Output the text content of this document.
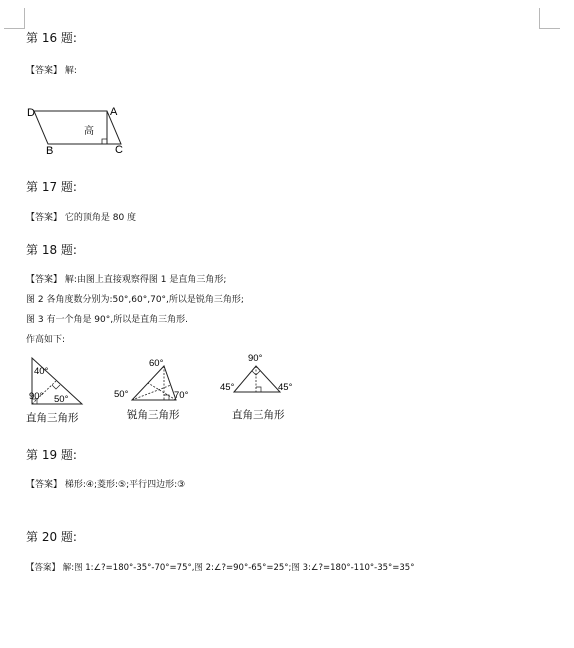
第 16 题:
【答案】 解:
D	A
B	C
高
第 17 题:
【答案】 它的顶角是 80 度
第 18 题:
【答案】 解:由图上直接观察得图 1 是直角三角形;
图 2 各角度数分别为:50°,60°,70°,所以是锐角三角形;
图 3 有一个角是 90°,所以是直角三角形.
作高如下:
40°
90° 50°
直角三角形
60°
50°	70°
锐角三角形
90°
45°	45°
直角三角形
第 19 题:
【答案】 梯形:④;菱形:⑤;平行四边形:③
第 20 题:
【答案】 解:图 1:∠?=180°-35°-70°=75°,图 2:∠?=90°-65°=25°;图 3:∠?=180°-110°-35°=35°
